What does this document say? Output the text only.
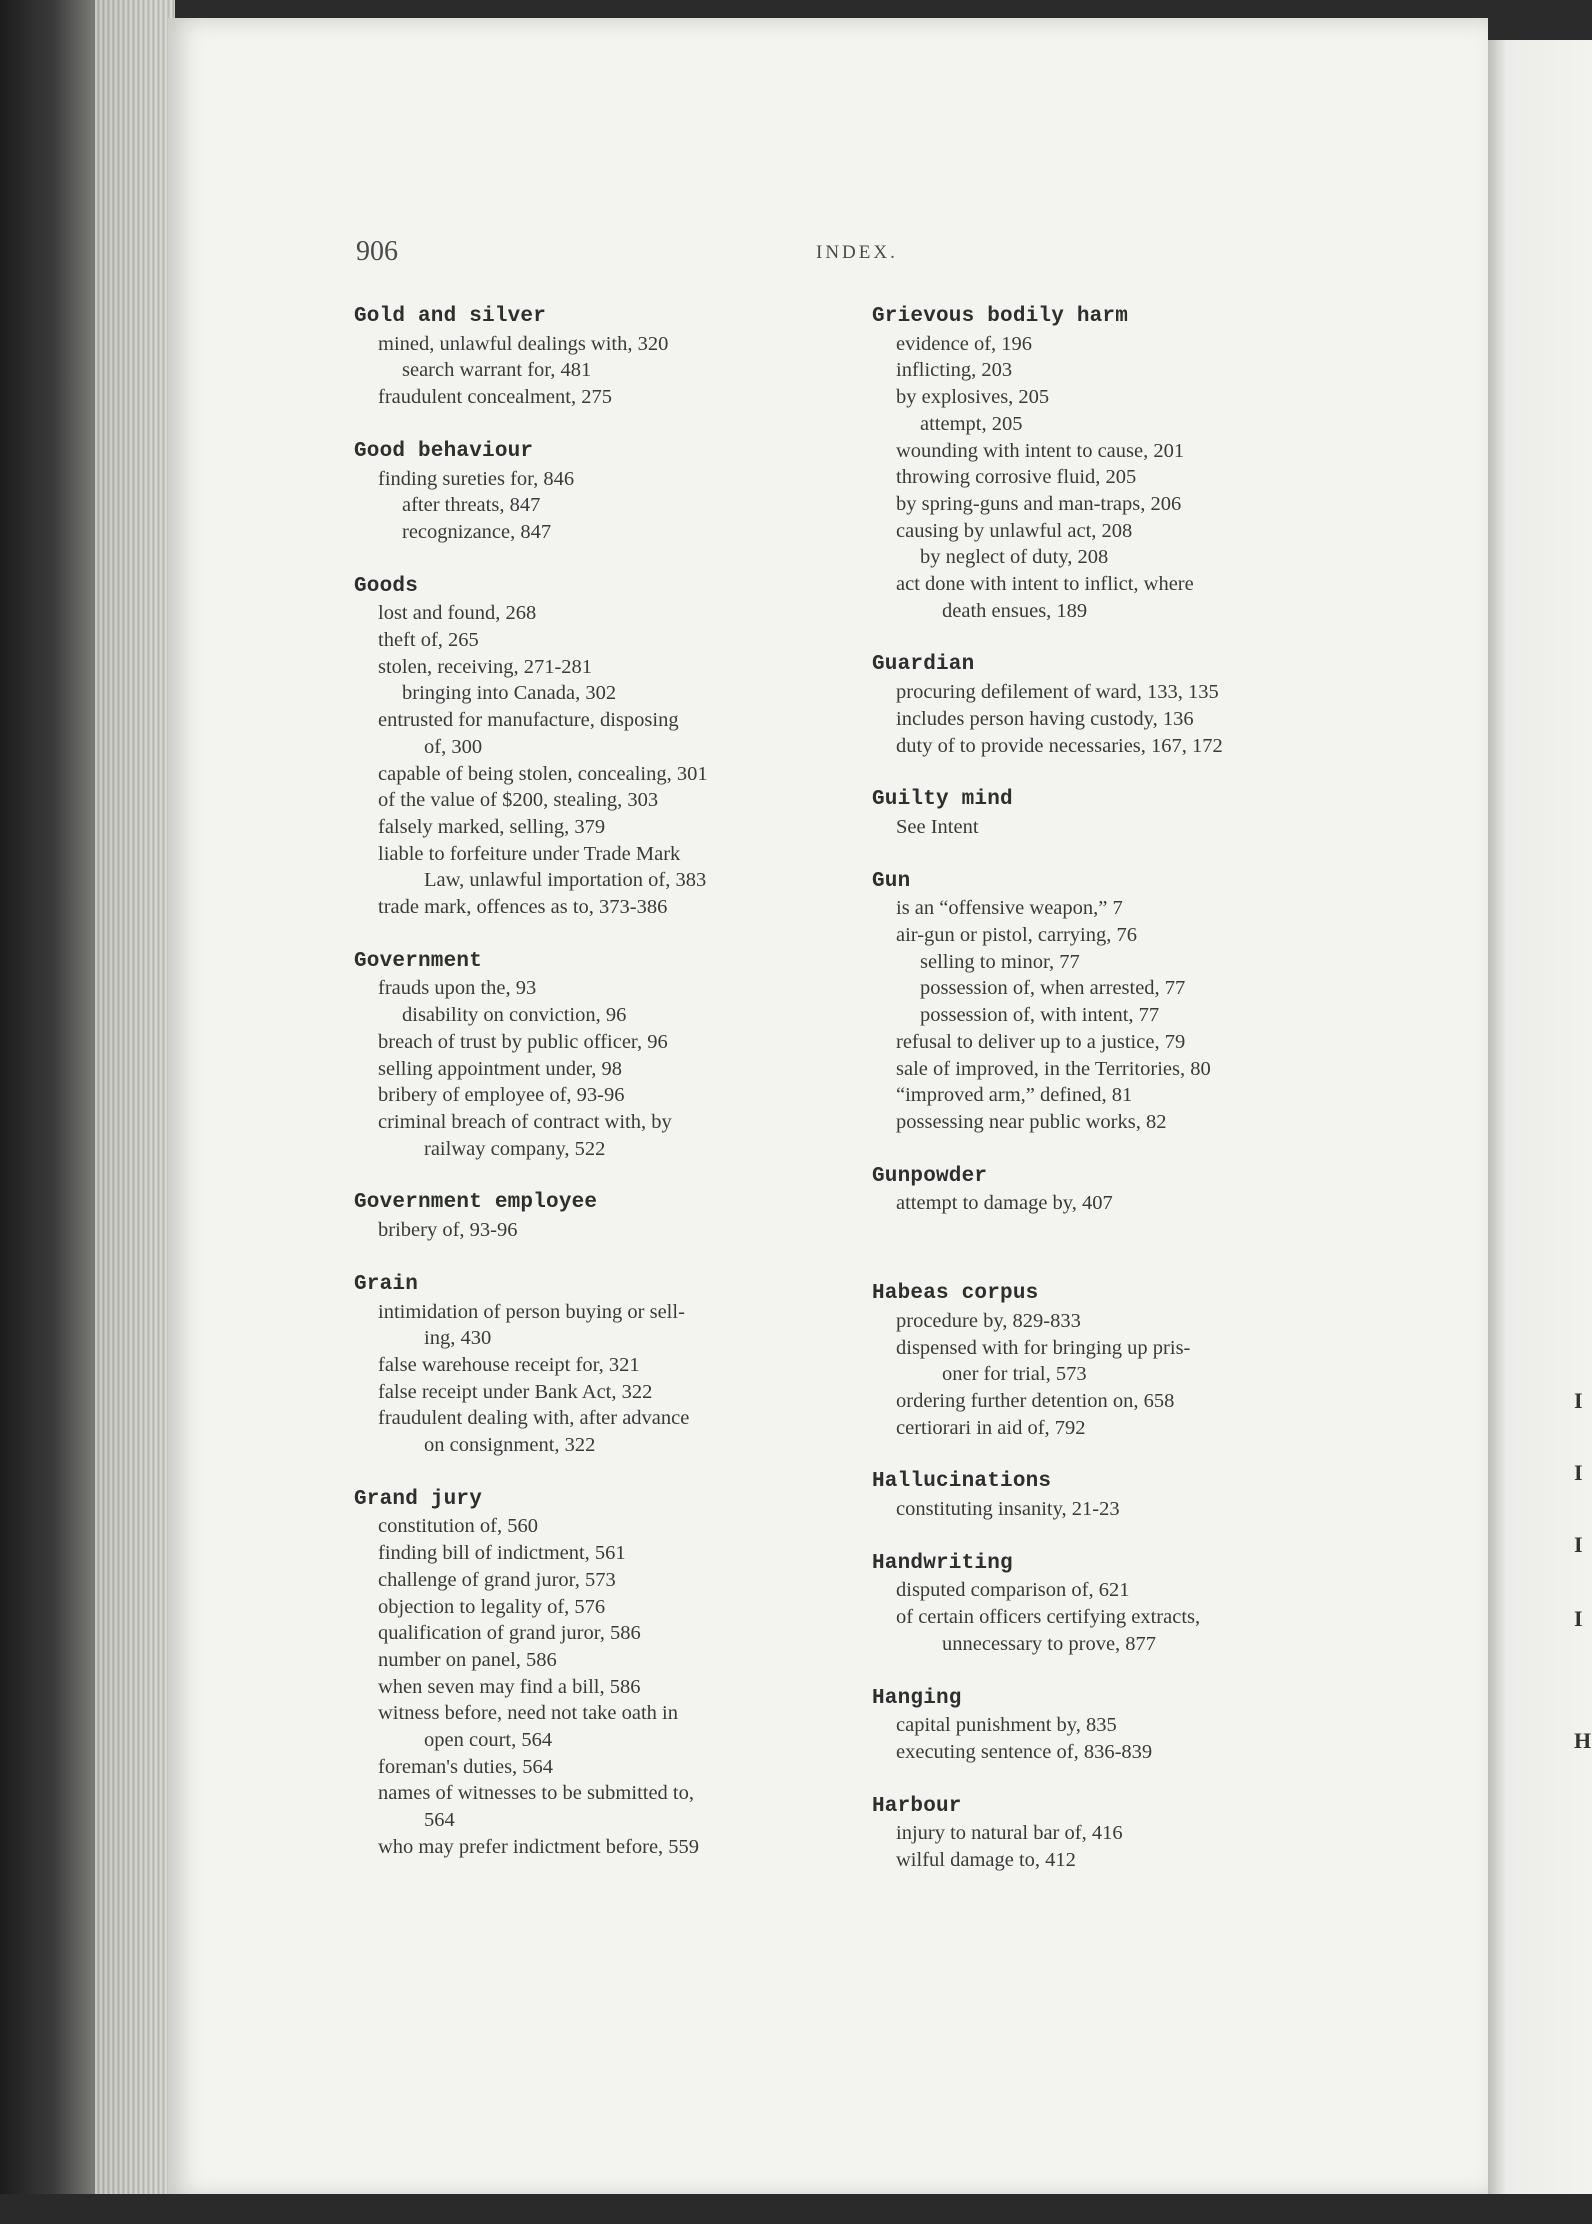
I
I
I
I
H
906	INDEX.
Gold and silver
mined, unlawful dealings with, 320
search warrant for, 481
fraudulent concealment, 275
Good behaviour
finding sureties for, 846
after threats, 847
recognizance, 847
Goods
lost and found, 268
theft of, 265
stolen, receiving, 271-281
bringing into Canada, 302
entrusted for manufacture, disposing
of, 300
capable of being stolen, concealing, 301
of the value of $200, stealing, 303
falsely marked, selling, 379
liable to forfeiture under Trade Mark
Law, unlawful importation of, 383
trade mark, offences as to, 373-386
Government
frauds upon the, 93
disability on conviction, 96
breach of trust by public officer, 96
selling appointment under, 98
bribery of employee of, 93-96
criminal breach of contract with, by
railway company, 522
Government employee
bribery of, 93-96
Grain
intimidation of person buying or sell-
ing, 430
false warehouse receipt for, 321
false receipt under Bank Act, 322
fraudulent dealing with, after advance
on consignment, 322
Grand jury
constitution of, 560
finding bill of indictment, 561
challenge of grand juror, 573
objection to legality of, 576
qualification of grand juror, 586
number on panel, 586
when seven may find a bill, 586
witness before, need not take oath in
open court, 564
foreman's duties, 564
names of witnesses to be submitted to,
564
who may prefer indictment before, 559
Grievous bodily harm
evidence of, 196
inflicting, 203
by explosives, 205
attempt, 205
wounding with intent to cause, 201
throwing corrosive fluid, 205
by spring-guns and man-traps, 206
causing by unlawful act, 208
by neglect of duty, 208
act done with intent to inflict, where
death ensues, 189
Guardian
procuring defilement of ward, 133, 135
includes person having custody, 136
duty of to provide necessaries, 167, 172
Guilty mind
See Intent
Gun
is an “offensive weapon,” 7
air-gun or pistol, carrying, 76
selling to minor, 77
possession of, when arrested, 77
possession of, with intent, 77
refusal to deliver up to a justice, 79
sale of improved, in the Territories, 80
“improved arm,” defined, 81
possessing near public works, 82
Gunpowder
attempt to damage by, 407
Habeas corpus
procedure by, 829-833
dispensed with for bringing up pris-
oner for trial, 573
ordering further detention on, 658
certiorari in aid of, 792
Hallucinations
constituting insanity, 21-23
Handwriting
disputed comparison of, 621
of certain officers certifying extracts,
unnecessary to prove, 877
Hanging
capital punishment by, 835
executing sentence of, 836-839
Harbour
injury to natural bar of, 416
wilful damage to, 412
